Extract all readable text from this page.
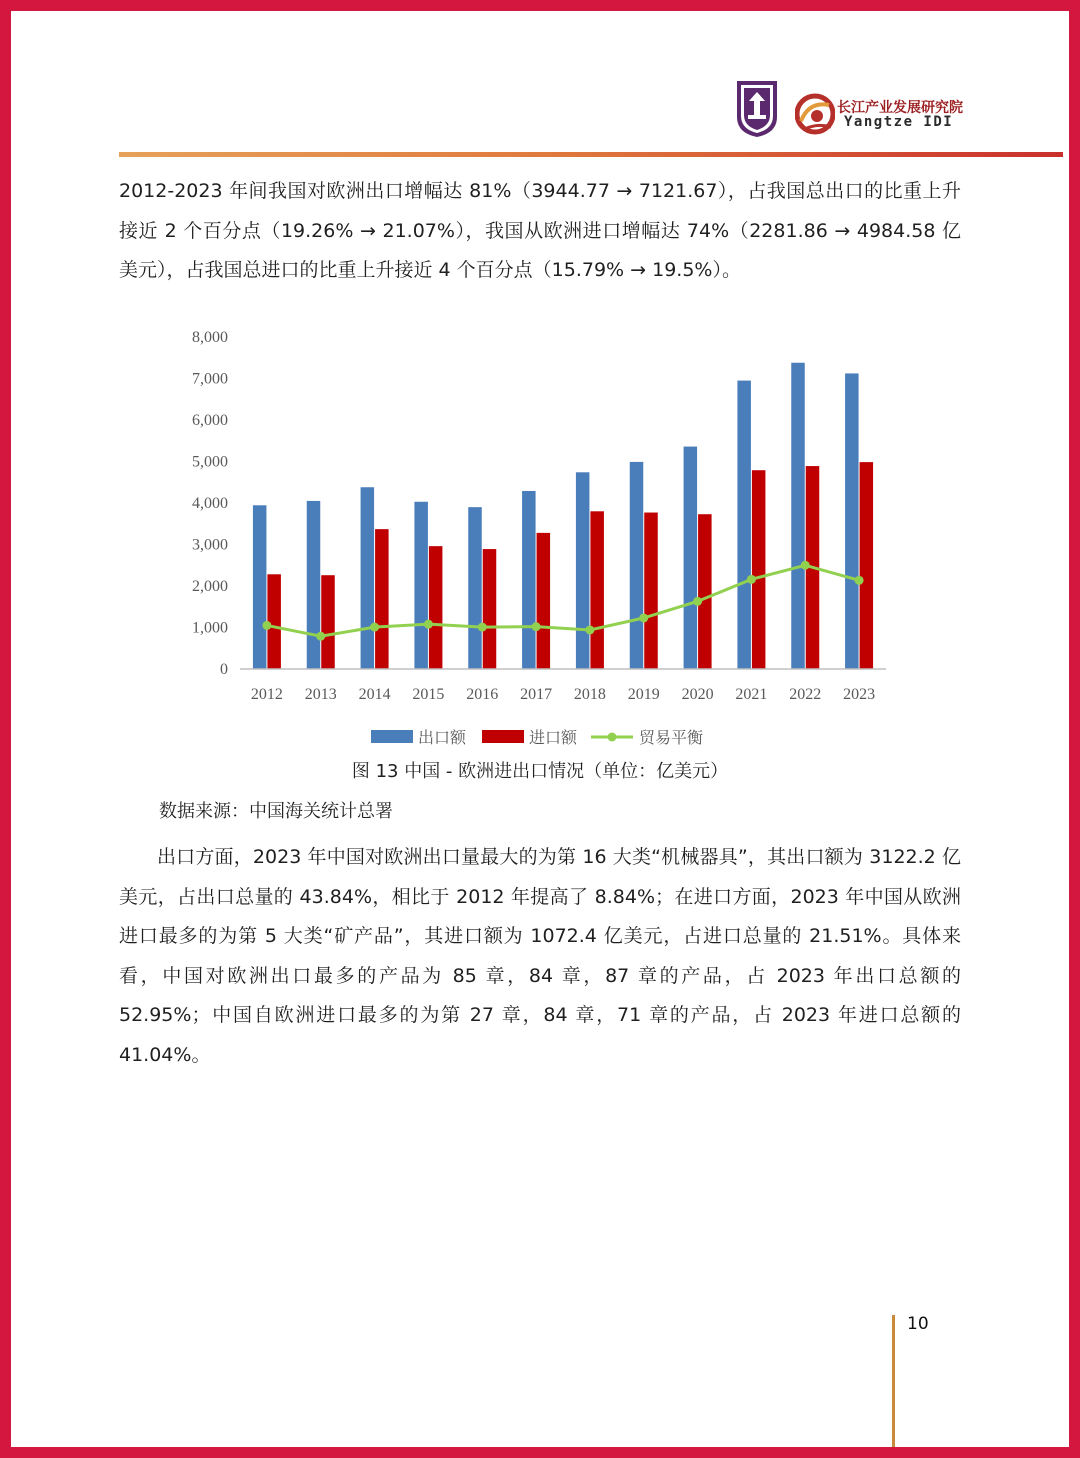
长江产业发展研究院
Yangtze IDI

2012-2023 年间我国对欧洲出口增幅达 81%（3944.77 → 7121.67），占我国总出口的比重上升接近 2 个百分点（19.26% → 21.07%），我国从欧洲进口增幅达 74%（2281.86 → 4984.58 亿美元），占我国总进口的比重上升接近 4 个百分点（15.79% → 19.5%）。

0
1,000
2,000
3,000
4,000
5,000
6,000
7,000
8,000
2012 2013 2014 2015 2016 2017 2018 2019 2020 2021 2022 2023
出口额	进口额	贸易平衡
图 13 中国 - 欧洲进出口情况（单位：亿美元）
数据来源：中国海关统计总署

出口方面，2023 年中国对欧洲出口量最大的为第 16 大类“机械器具”，其出口额为 3122.2 亿美元，占出口总量的 43.84%，相比于 2012 年提高了 8.84%；在进口方面，2023 年中国从欧洲进口最多的为第 5 大类“矿产品”，其进口额为 1072.4 亿美元，占进口总量的 21.51%。具体来看，中国对欧洲出口最多的产品为 85 章，84 章，87 章的产品，占 2023 年出口总额的 52.95%；中国自欧洲进口最多的为第 27 章，84 章，71 章的产品，占 2023 年进口总额的 41.04%。

10
